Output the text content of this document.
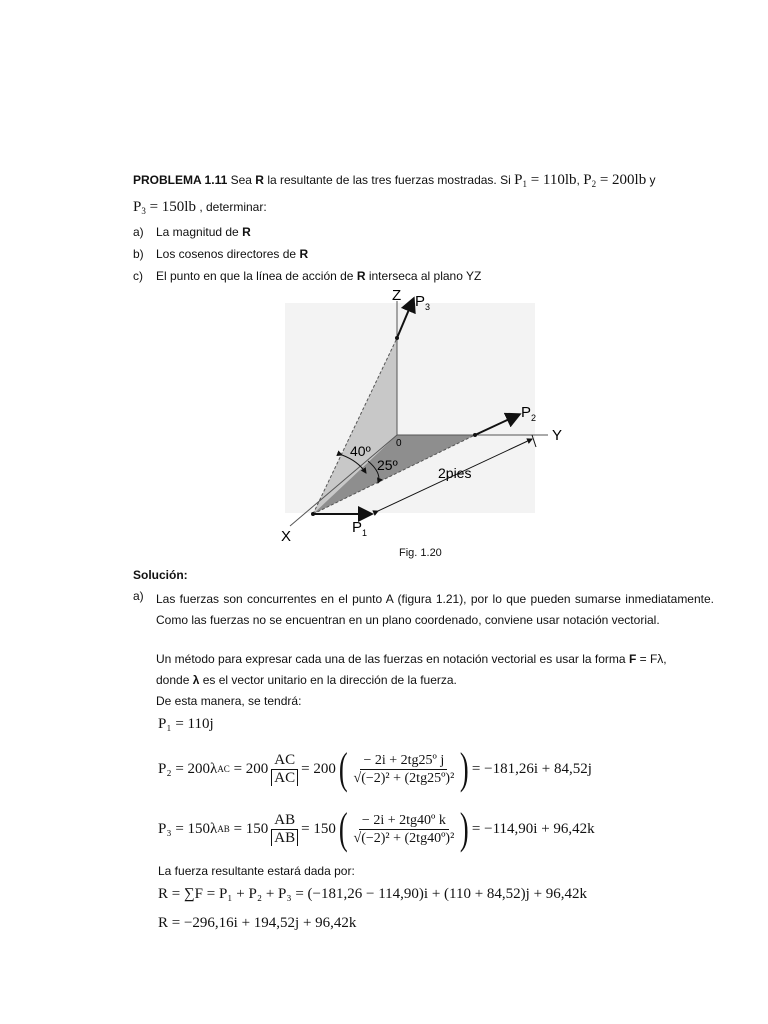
PROBLEMA 1.11 Sea R la resultante de las tres fuerzas mostradas. Si $P_1 = 110lb$, $P_2 = 200lb$ y
$P_3 = 150lb$ , determinar:
a) La magnitud de R
b) Los cosenos directores de R
c) El punto en que la línea de acción de R interseca al plano YZ
Z $P_3$
$P_2$
Y
0
40º
25º	2pies
$P_1$
X
Fig. 1.20
Solución:
a) Las fuerzas son concurrentes en el punto A (figura 1.21), por lo que pueden sumarse inmediatamente. Como las fuerzas no se encuentran en un plano coordenado, conviene usar notación vectorial.
Un método para expresar cada una de las fuerzas en notación vectorial es usar la forma F = Fλ,
donde λ es el vector unitario en la dirección de la fuerza.
De esta manera, se tendrá:
P₁ = 110j
P₂ = 200λ AC
= $200 \frac{AC}{AC} = 200$ ( $\frac{\text{− 2i + 2tg25º j}}{\text{√(−2)² + (2tg25º)²}}$ ) = −181,26i + 84,52j
P₃ = 150λ AB
= $150 \frac{AB}{AB} = 150$ ( $\frac{\text{− 2i + 2tg40º k}}{\text{√(−2)² + (2tg40º)²}}$ ) = −114,90i + 96,42k
La fuerza resultante estará dada por:
R = ∑F = P₁ + P₂ + P₃ = (−181,26 − 114,90)i + (110 + 84,52)j + 96,42k
R = −296,16i + 194,52j + 96,42k
